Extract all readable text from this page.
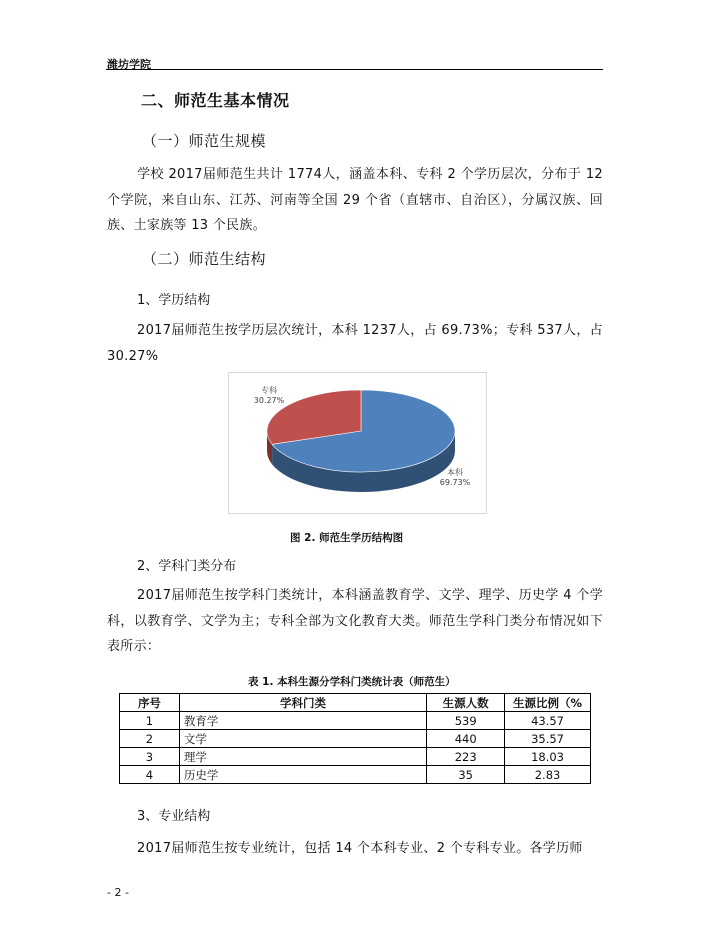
潍坊学院
二、师范生基本情况
（一）师范生规模
学校 2017届师范生共计 1774人，涵盖本科、专科 2 个学历层次，分布于 12 个学院，来自山东、江苏、河南等全国 29 个省（直辖市、自治区），分属汉族、回族、土家族等 13 个民族。
（二）师范生结构
1、学历结构
2017届师范生按学历层次统计，本科 1237人，占 69.73%；专科 537人，占 30.27%
本科
69.73%
专科
30.27%
图 2. 师范生学历结构图
2、学科门类分布
2017届师范生按学科门类统计，本科涵盖教育学、文学、理学、历史学 4 个学科，以教育学、文学为主；专科全部为文化教育大类。师范生学科门类分布情况如下表所示：
表 1. 本科生源分学科门类统计表（师范生）
序号	学科门类	生源人数	生源比例（%
1	教育学	539	43.57
2	文学	440	35.57
3	理学	223	18.03
4	历史学	35	2.83
3、专业结构
2017届师范生按专业统计，包括 14 个本科专业、2 个专科专业。各学历师
- 2 -
